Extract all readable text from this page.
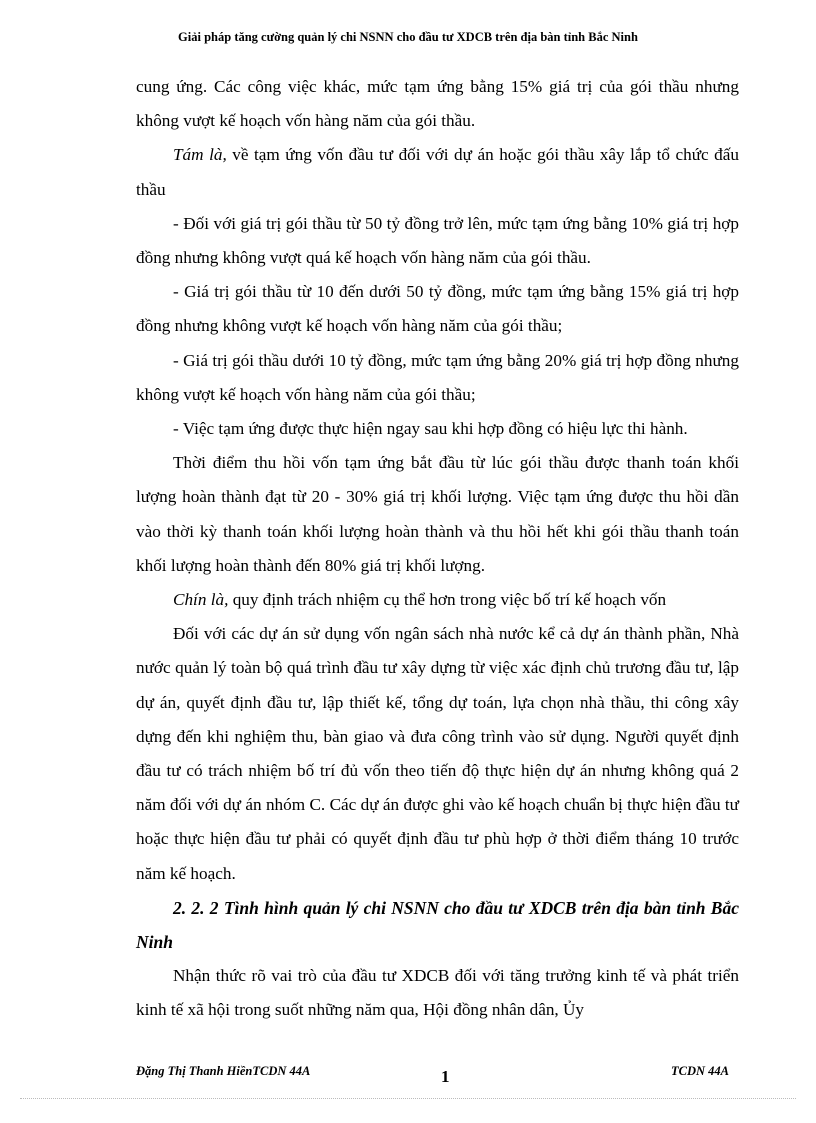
Giải pháp tăng cường quản lý chi NSNN cho đầu tư XDCB trên địa bàn tỉnh Bắc Ninh

cung ứng. Các công việc khác, mức tạm ứng bằng 15% giá trị của gói thầu nhưng không vượt kế hoạch vốn hàng năm của gói thầu.

Tám là, về tạm ứng vốn đầu tư đối với dự án hoặc gói thầu xây lắp tổ chức đấu thầu

- Đối với giá trị gói thầu từ 50 tỷ đồng trở lên, mức tạm ứng bằng 10% giá trị hợp đồng nhưng không vượt quá kế hoạch vốn hàng năm của gói thầu.

- Giá trị gói thầu từ 10 đến dưới 50 tỷ đồng, mức tạm ứng bằng 15% giá trị hợp đồng nhưng không vượt kế hoạch vốn hàng năm của gói thầu;

- Giá trị gói thầu dưới 10 tỷ đồng, mức tạm ứng bằng 20% giá trị hợp đồng nhưng không vượt kế hoạch vốn hàng năm của gói thầu;

- Việc tạm ứng được thực hiện ngay sau khi hợp đồng có hiệu lực thi hành.

Thời điểm thu hồi vốn tạm ứng bắt đầu từ lúc gói thầu được thanh toán khối lượng hoàn thành đạt từ 20 - 30% giá trị khối lượng. Việc tạm ứng được thu hồi dần vào thời kỳ thanh toán khối lượng hoàn thành và thu hồi hết khi gói thầu thanh toán khối lượng hoàn thành đến 80% giá trị khối lượng.

Chín là, quy định trách nhiệm cụ thể hơn trong việc bố trí kế hoạch vốn

Đối với các dự án sử dụng vốn ngân sách nhà nước kể cả dự án thành phần, Nhà nước quản lý toàn bộ quá trình đầu tư xây dựng từ việc xác định chủ trương đầu tư, lập dự án, quyết định đầu tư, lập thiết kế, tổng dự toán, lựa chọn nhà thầu, thi công xây dựng đến khi nghiệm thu, bàn giao và đưa công trình vào sử dụng. Người quyết định đầu tư có trách nhiệm bố trí đủ vốn theo tiến độ thực hiện dự án nhưng không quá 2 năm đối với dự án nhóm C. Các dự án được ghi vào kế hoạch chuẩn bị thực hiện đầu tư hoặc thực hiện đầu tư phải có quyết định đầu tư phù hợp ở thời điểm tháng 10 trước năm kế hoạch.

2. 2. 2 Tình hình quản lý chi NSNN cho đầu tư XDCB trên địa bàn tỉnh Bắc Ninh

Nhận thức rõ vai trò của đầu tư XDCB đối với tăng trưởng kinh tế và phát triển kinh tế xã hội trong suốt những năm qua, Hội đồng nhân dân, Ủy

Đặng Thị Thanh HiềnTCDN 44A	1	TCDN 44A
